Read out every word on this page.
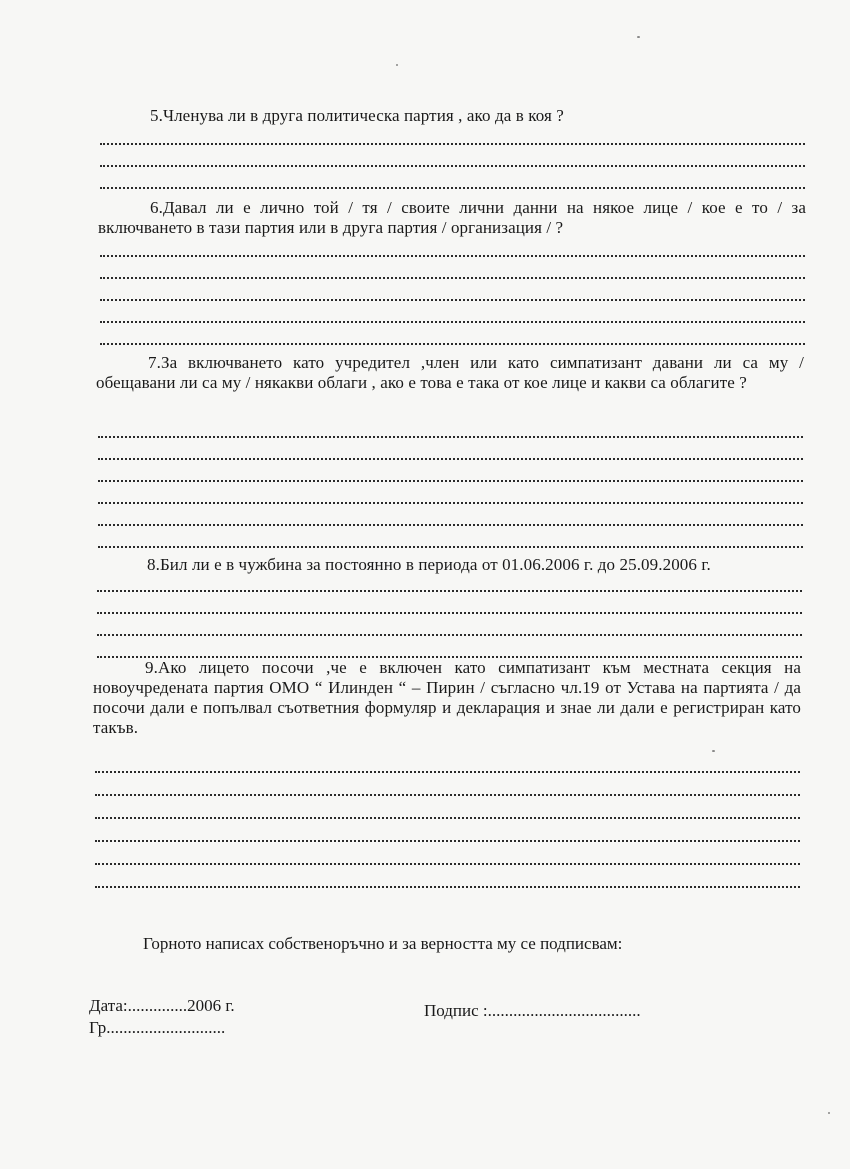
5.Членува ли в друга политическа партия , ако да в коя ?
6.Давал ли е лично той / тя / своите лични данни на някое лице / кое е то / за включването в тази партия или в друга партия / организация / ?
7.За включването като учредител ,член или като симпатизант давани ли са му / обещавани ли са му / някакви облаги , ако е това е така от кое лице и какви са облагите ?
8.Бил ли е в чужбина за постоянно в периода от 01.06.2006 г. до 25.09.2006 г.
9.Ако лицето посочи ,че е включен като симпатизант към местната секция на новоучредената партия ОМО “ Илинден “ – Пирин / съгласно чл.19 от Устава на партията / да посочи дали е попълвал съответния формуляр и декларация и знае ли дали е регистриран като такъв.
Горното написах собственоръчно и за верността му се подписвам:
Дата:..............2006 г.
Гр............................
Подпис :....................................
